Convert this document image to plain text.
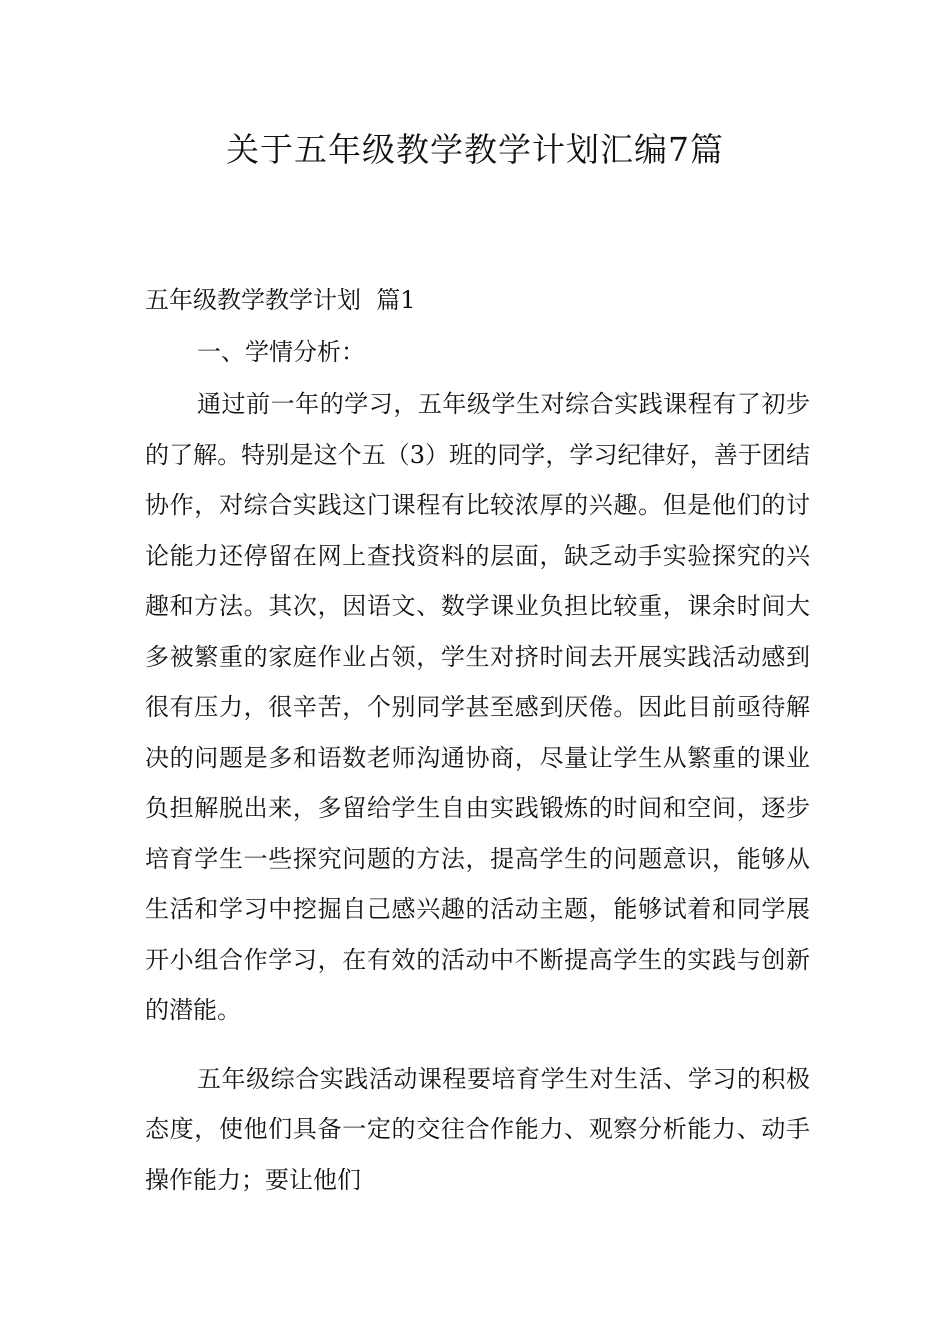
关于五年级教学教学计划汇编7篇

五年级教学教学计划  篇1

一、学情分析：

通过前一年的学习，五年级学生对综合实践课程有了初步的了解。特别是这个五（3）班的同学，学习纪律好，善于团结协作，对综合实践这门课程有比较浓厚的兴趣。但是他们的讨论能力还停留在网上查找资料的层面，缺乏动手实验探究的兴趣和方法。其次，因语文、数学课业负担比较重，课余时间大多被繁重的家庭作业占领，学生对挤时间去开展实践活动感到很有压力，很辛苦，个别同学甚至感到厌倦。因此目前亟待解决的问题是多和语数老师沟通协商，尽量让学生从繁重的课业负担解脱出来，多留给学生自由实践锻炼的时间和空间，逐步培育学生一些探究问题的方法，提高学生的问题意识，能够从生活和学习中挖掘自己感兴趣的活动主题，能够试着和同学展开小组合作学习，在有效的活动中不断提高学生的实践与创新的潜能。

五年级综合实践活动课程要培育学生对生活、学习的积极态度，使他们具备一定的交往合作能力、观察分析能力、动手操作能力；要让他们
